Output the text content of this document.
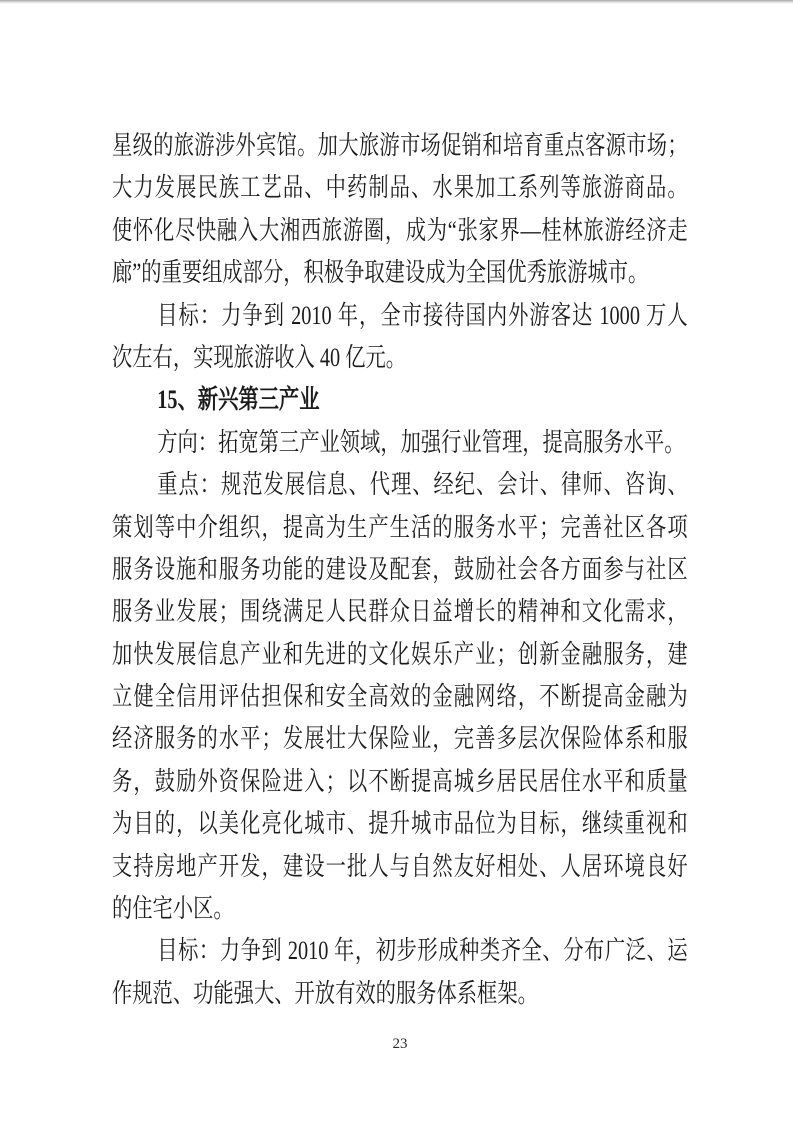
星级的旅游涉外宾馆。加大旅游市场促销和培育重点客源市场；
大力发展民族工艺品、中药制品、水果加工系列等旅游商品。
使怀化尽快融入大湘西旅游圈，成为“张家界—桂林旅游经济走
廊”的重要组成部分，积极争取建设成为全国优秀旅游城市。
目标：力争到 2010 年，全市接待国内外游客达 1000 万人
次左右，实现旅游收入 40 亿元。
15、新兴第三产业
方向：拓宽第三产业领域，加强行业管理，提高服务水平。
重点：规范发展信息、代理、经纪、会计、律师、咨询、
策划等中介组织，提高为生产生活的服务水平；完善社区各项
服务设施和服务功能的建设及配套，鼓励社会各方面参与社区
服务业发展；围绕满足人民群众日益增长的精神和文化需求，
加快发展信息产业和先进的文化娱乐产业；创新金融服务，建
立健全信用评估担保和安全高效的金融网络，不断提高金融为
经济服务的水平；发展壮大保险业，完善多层次保险体系和服
务，鼓励外资保险进入；以不断提高城乡居民居住水平和质量
为目的，以美化亮化城市、提升城市品位为目标，继续重视和
支持房地产开发，建设一批人与自然友好相处、人居环境良好
的住宅小区。
目标：力争到 2010 年，初步形成种类齐全、分布广泛、运
作规范、功能强大、开放有效的服务体系框架。
23
